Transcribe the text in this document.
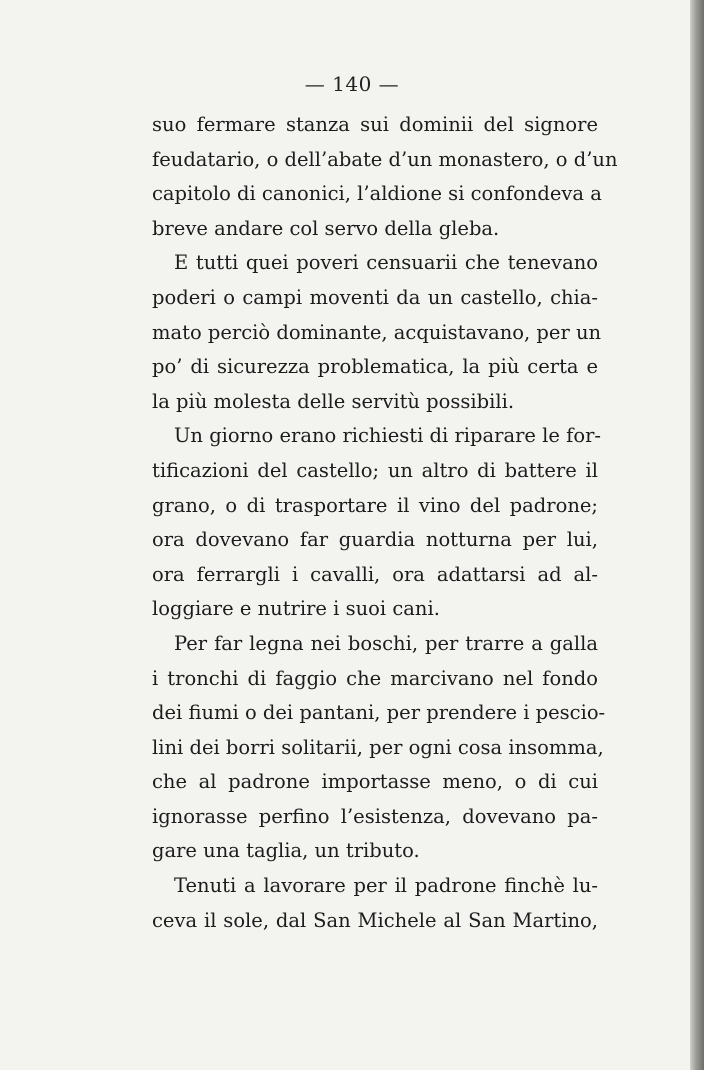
— 140 —
suo fermare stanza sui dominii del signore
feudatario, o dell’abate d’un monastero, o d’un
capitolo di canonici, l’aldione si confondeva a
breve andare col servo della gleba.
E tutti quei poveri censuarii che tenevano
poderi o campi moventi da un castello, chia-
mato perciò dominante, acquistavano, per un
po’ di sicurezza problematica, la più certa e
la più molesta delle servitù possibili.
Un giorno erano richiesti di riparare le for-
tificazioni del castello; un altro di battere il
grano, o di trasportare il vino del padrone;
ora dovevano far guardia notturna per lui,
ora ferrargli i cavalli, ora adattarsi ad al-
loggiare e nutrire i suoi cani.
Per far legna nei boschi, per trarre a galla
i tronchi di faggio che marcivano nel fondo
dei fiumi o dei pantani, per prendere i pescio-
lini dei borri solitarii, per ogni cosa insomma,
che al padrone importasse meno, o di cui
ignorasse perfino l’esistenza, dovevano pa-
gare una taglia, un tributo.
Tenuti a lavorare per il padrone finchè lu-
ceva il sole, dal San Michele al San Martino,
